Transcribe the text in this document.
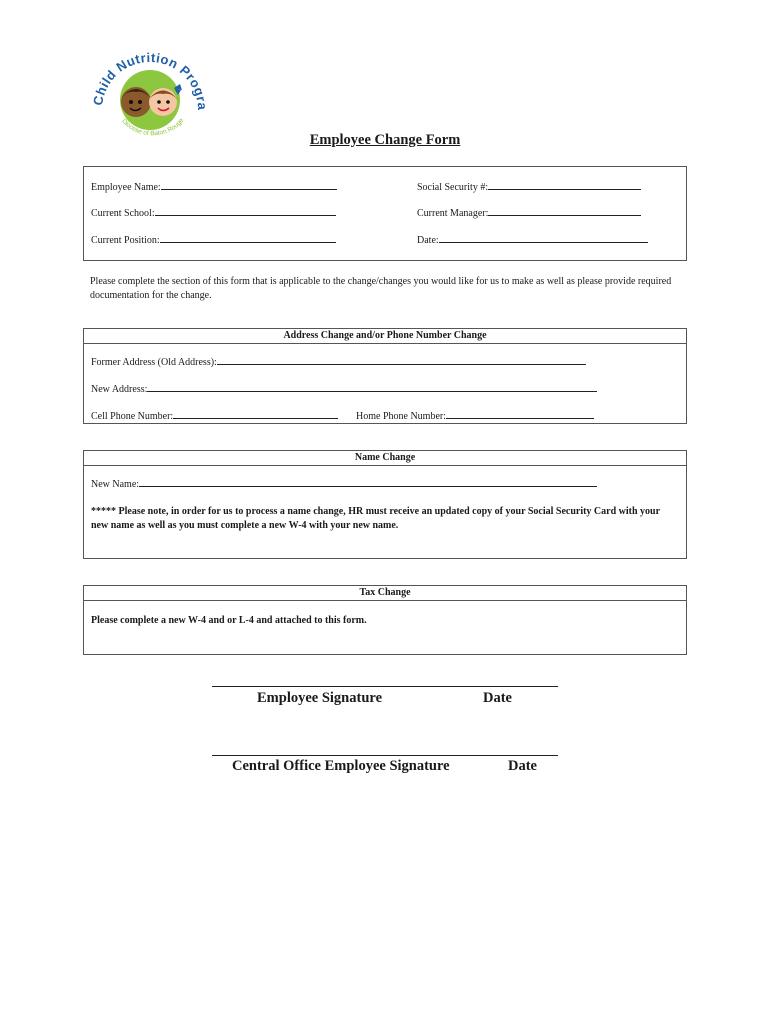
Child Nutrition Progra
Diocese of Baton Rouge
Employee Change Form
Employee Name:	Social Security #:
Current School:	Current Manager:
Current Position:	Date:
Please complete the section of this form that is applicable to the change/changes you would like for us to make as well as please provide required documentation for the change.
Address Change and/or Phone Number Change
Former Address (Old Address):
New Address:
Cell Phone Number:	Home Phone Number:
Name Change
New Name:
***** Please note, in order for us to process a name change, HR must receive an updated copy of your Social Security Card with your new name as well as you must complete a new W-4 with your new name.
Tax Change
Please complete a new W-4 and or L-4 and attached to this form.
Employee Signature	Date
Central Office Employee Signature	Date
